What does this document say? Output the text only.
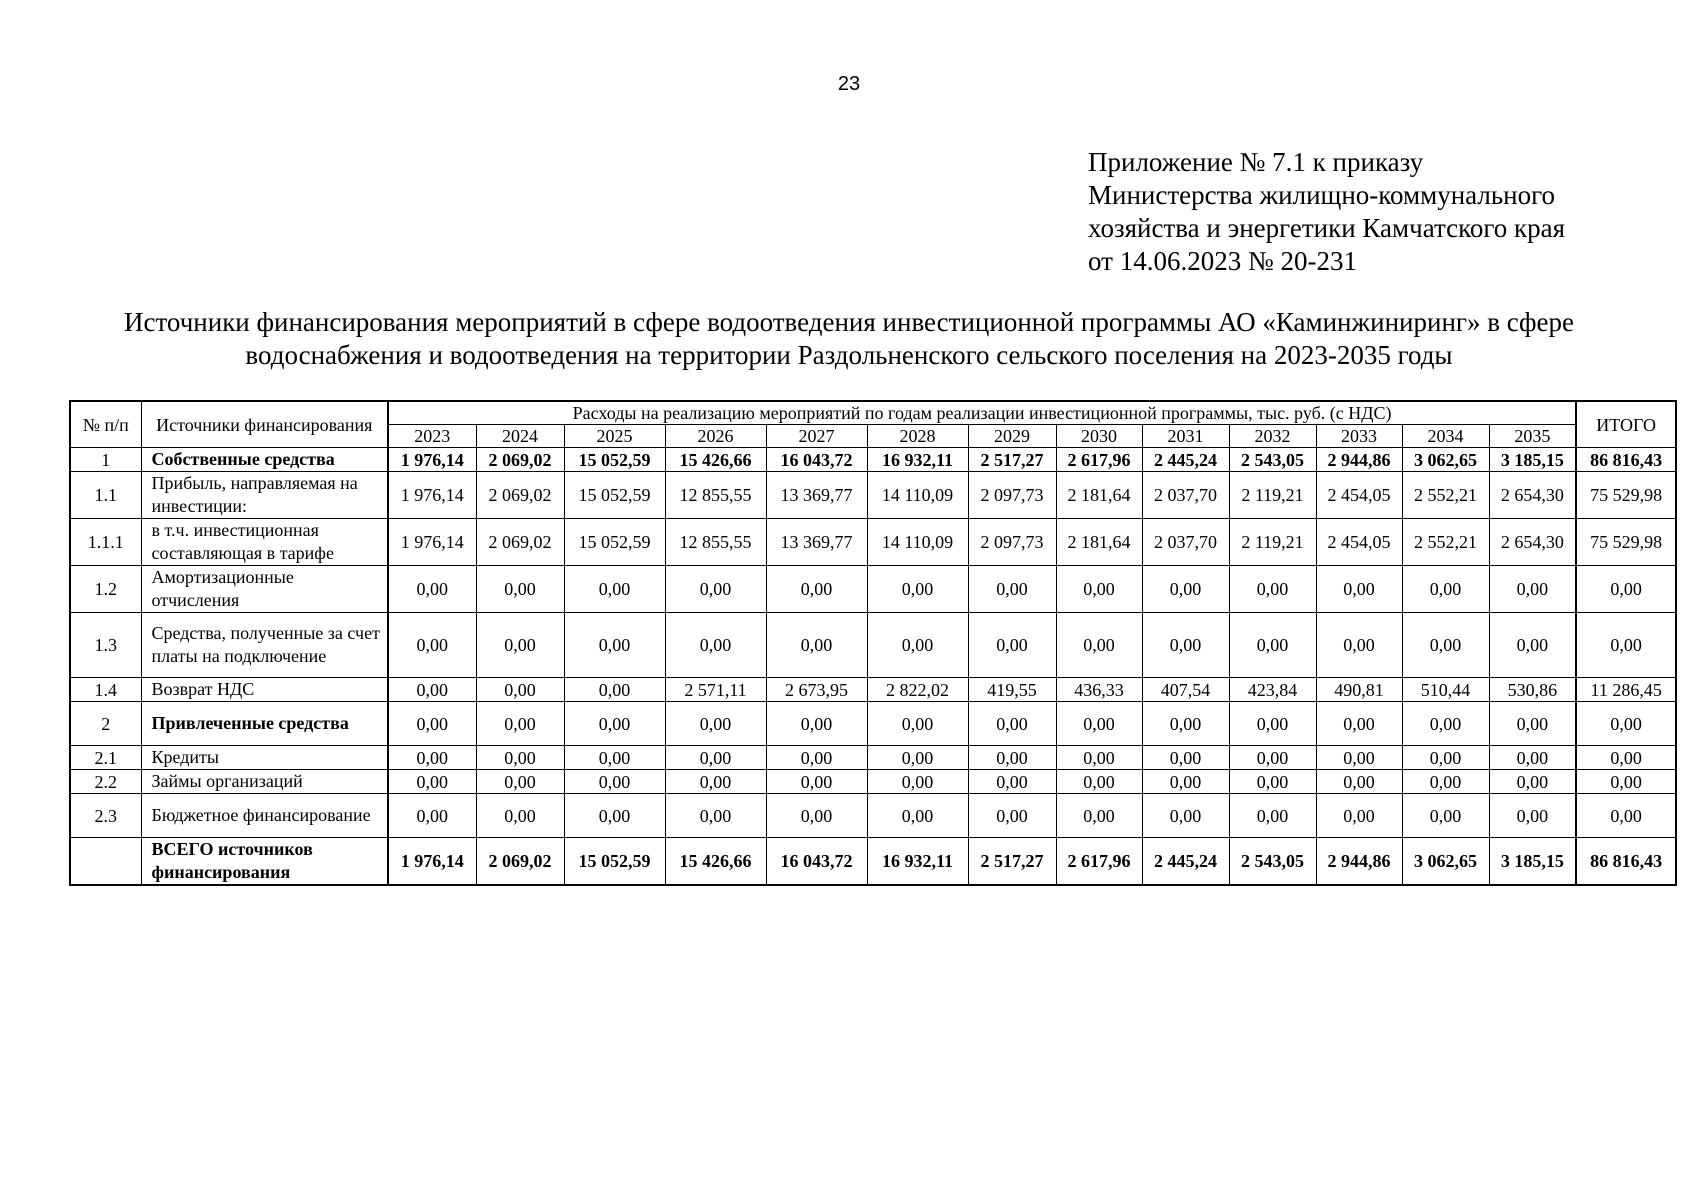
23
Приложение № 7.1 к приказу
Министерства жилищно-коммунального
хозяйства и энергетики Камчатского края
от 14.06.2023 № 20-231
Источники финансирования мероприятий в сфере водоотведения инвестиционной программы АО «Каминжиниринг» в сфере
водоснабжения и водоотведения на территории Раздольненского сельского поселения на 2023-2035 годы
№ п/п	Источники финансирования	Расходы на реализацию мероприятий по годам реализации инвестиционной программы, тыс. руб. (с НДС)													ИТОГО
		2023	2024	2025	2026	2027	2028	2029	2030	2031	2032	2033	2034	2035	
1	Собственные средства	1 976,14	2 069,02	15 052,59	15 426,66	16 043,72	16 932,11	2 517,27	2 617,96	2 445,24	2 543,05	2 944,86	3 062,65	3 185,15	86 816,43
1.1	Прибыль, направляемая на инвестиции:	1 976,14	2 069,02	15 052,59	12 855,55	13 369,77	14 110,09	2 097,73	2 181,64	2 037,70	2 119,21	2 454,05	2 552,21	2 654,30	75 529,98
1.1.1	в т.ч. инвестиционная составляющая в тарифе	1 976,14	2 069,02	15 052,59	12 855,55	13 369,77	14 110,09	2 097,73	2 181,64	2 037,70	2 119,21	2 454,05	2 552,21	2 654,30	75 529,98
1.2	Амортизационные отчисления	0,00	0,00	0,00	0,00	0,00	0,00	0,00	0,00	0,00	0,00	0,00	0,00	0,00	0,00
1.3	Средства, полученные за счет платы на подключение	0,00	0,00	0,00	0,00	0,00	0,00	0,00	0,00	0,00	0,00	0,00	0,00	0,00	0,00
1.4	Возврат НДС	0,00	0,00	0,00	2 571,11	2 673,95	2 822,02	419,55	436,33	407,54	423,84	490,81	510,44	530,86	11 286,45
2	Привлеченные средства	0,00	0,00	0,00	0,00	0,00	0,00	0,00	0,00	0,00	0,00	0,00	0,00	0,00	0,00
2.1	Кредиты	0,00	0,00	0,00	0,00	0,00	0,00	0,00	0,00	0,00	0,00	0,00	0,00	0,00	0,00
2.2	Займы организаций	0,00	0,00	0,00	0,00	0,00	0,00	0,00	0,00	0,00	0,00	0,00	0,00	0,00	0,00
2.3	Бюджетное финансирование	0,00	0,00	0,00	0,00	0,00	0,00	0,00	0,00	0,00	0,00	0,00	0,00	0,00	0,00
	ВСЕГО источников финансирования	1 976,14	2 069,02	15 052,59	15 426,66	16 043,72	16 932,11	2 517,27	2 617,96	2 445,24	2 543,05	2 944,86	3 062,65	3 185,15	86 816,43
